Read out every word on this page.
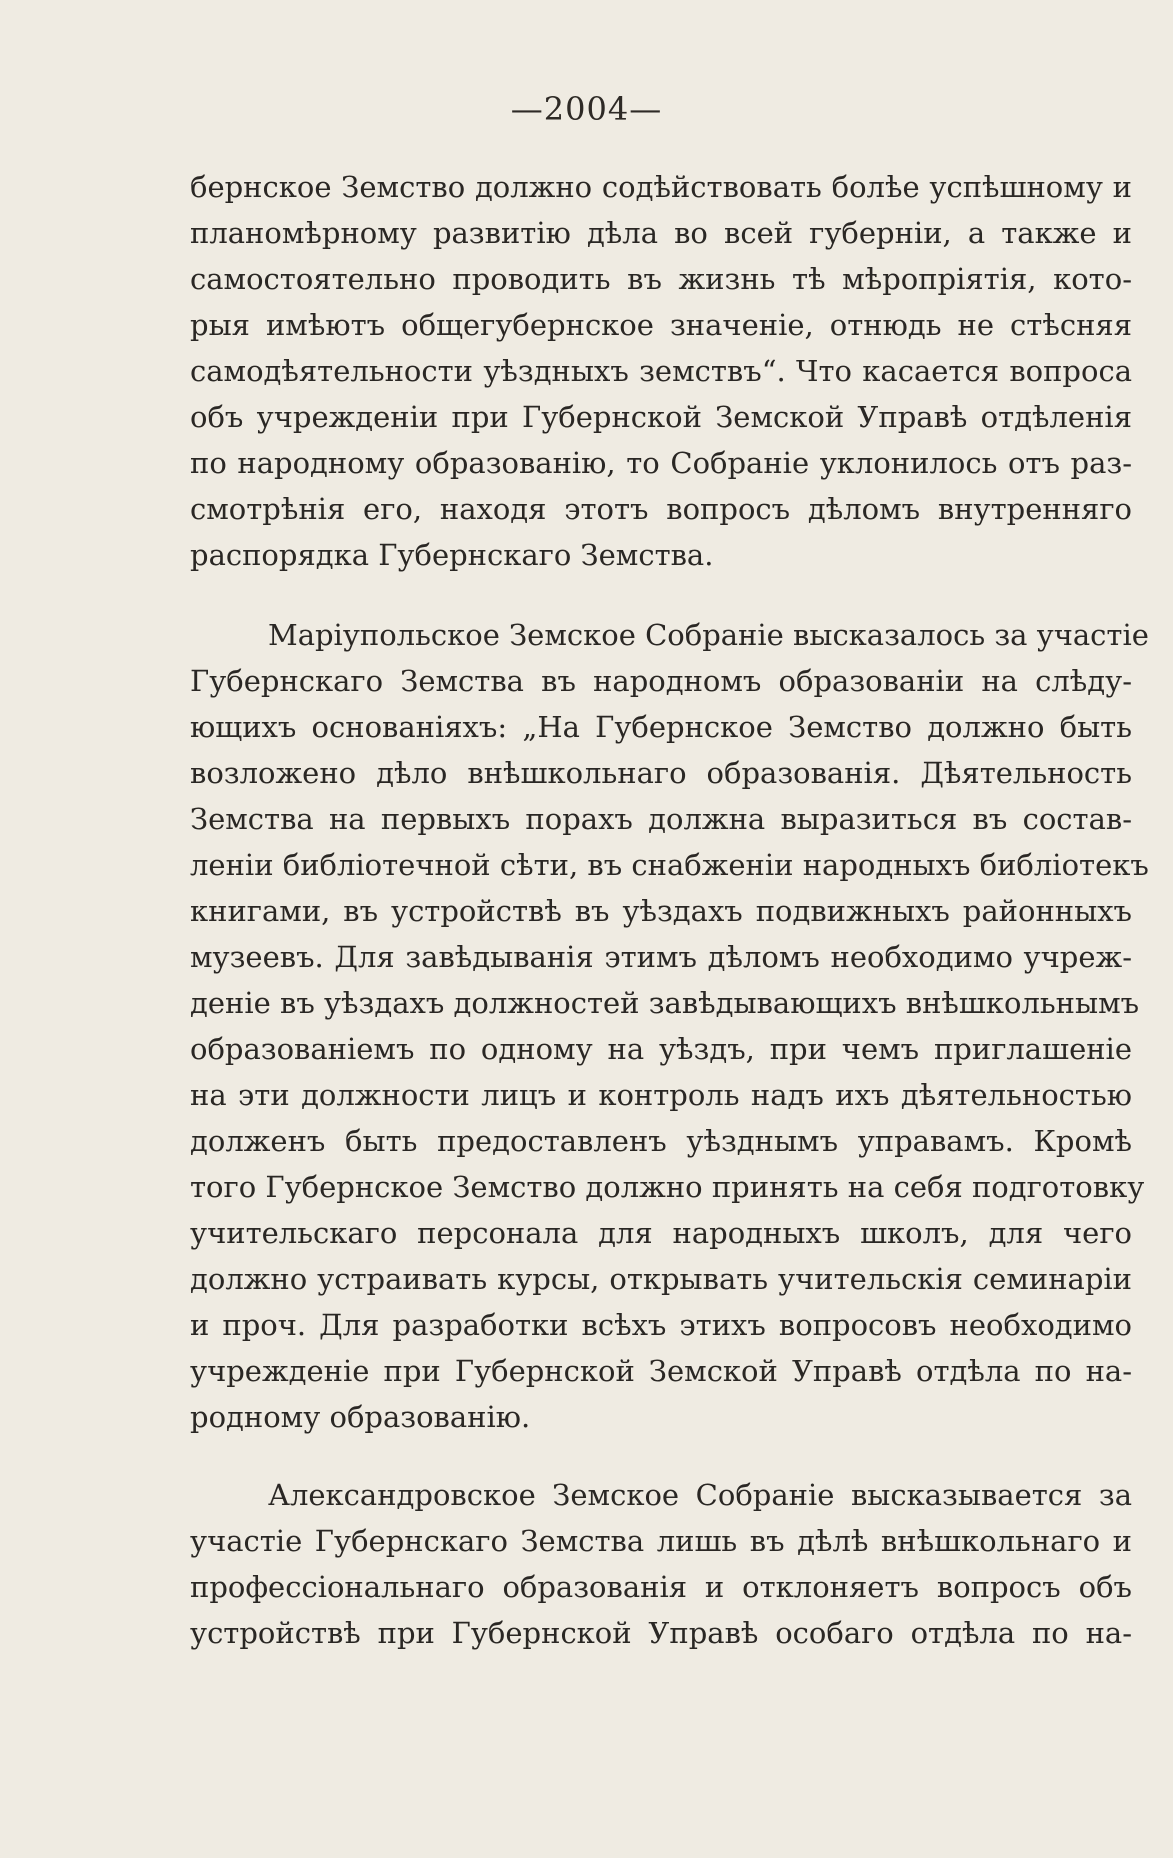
—2004—
бернское Земство должно содѣйствовать болѣе успѣшному и
планомѣрному развитію дѣла во всей губерніи, а также и
самостоятельно проводить въ жизнь тѣ мѣропріятія, кото-
рыя имѣютъ общегубернское значеніе, отнюдь не стѣсняя
самодѣятельности уѣздныхъ земствъ“. Что касается вопроса
объ учрежденіи при Губернской Земской Управѣ отдѣленія
по народному образованію, то Собраніе уклонилось отъ раз-
смотрѣнія его, находя этотъ вопросъ дѣломъ внутренняго
распорядка Губернскаго Земства.
Маріупольское Земское Собраніе высказалось за участіе
Губернскаго Земства въ народномъ образованіи на слѣду-
ющихъ основаніяхъ: „На Губернское Земство должно быть
возложено дѣло внѣшкольнаго образованія. Дѣятельность
Земства на первыхъ порахъ должна выразиться въ состав-
леніи библіотечной сѣти, въ снабженіи народныхъ библіотекъ
книгами, въ устройствѣ въ уѣздахъ подвижныхъ районныхъ
музеевъ. Для завѣдыванія этимъ дѣломъ необходимо учреж-
деніе въ уѣздахъ должностей завѣдывающихъ внѣшкольнымъ
образованіемъ по одному на уѣздъ, при чемъ приглашеніе
на эти должности лицъ и контроль надъ ихъ дѣятельностью
долженъ быть предоставленъ уѣзднымъ управамъ. Кромѣ
того Губернское Земство должно принять на себя подготовку
учительскаго персонала для народныхъ школъ, для чего
должно устраивать курсы, открывать учительскія семинаріи
и проч. Для разработки всѣхъ этихъ вопросовъ необходимо
учрежденіе при Губернской Земской Управѣ отдѣла по на-
родному образованію.
Александровское Земское Собраніе высказывается за
участіе Губернскаго Земства лишь въ дѣлѣ внѣшкольнаго и
профессіональнаго образованія и отклоняетъ вопросъ объ
устройствѣ при Губернской Управѣ особаго отдѣла по на-
